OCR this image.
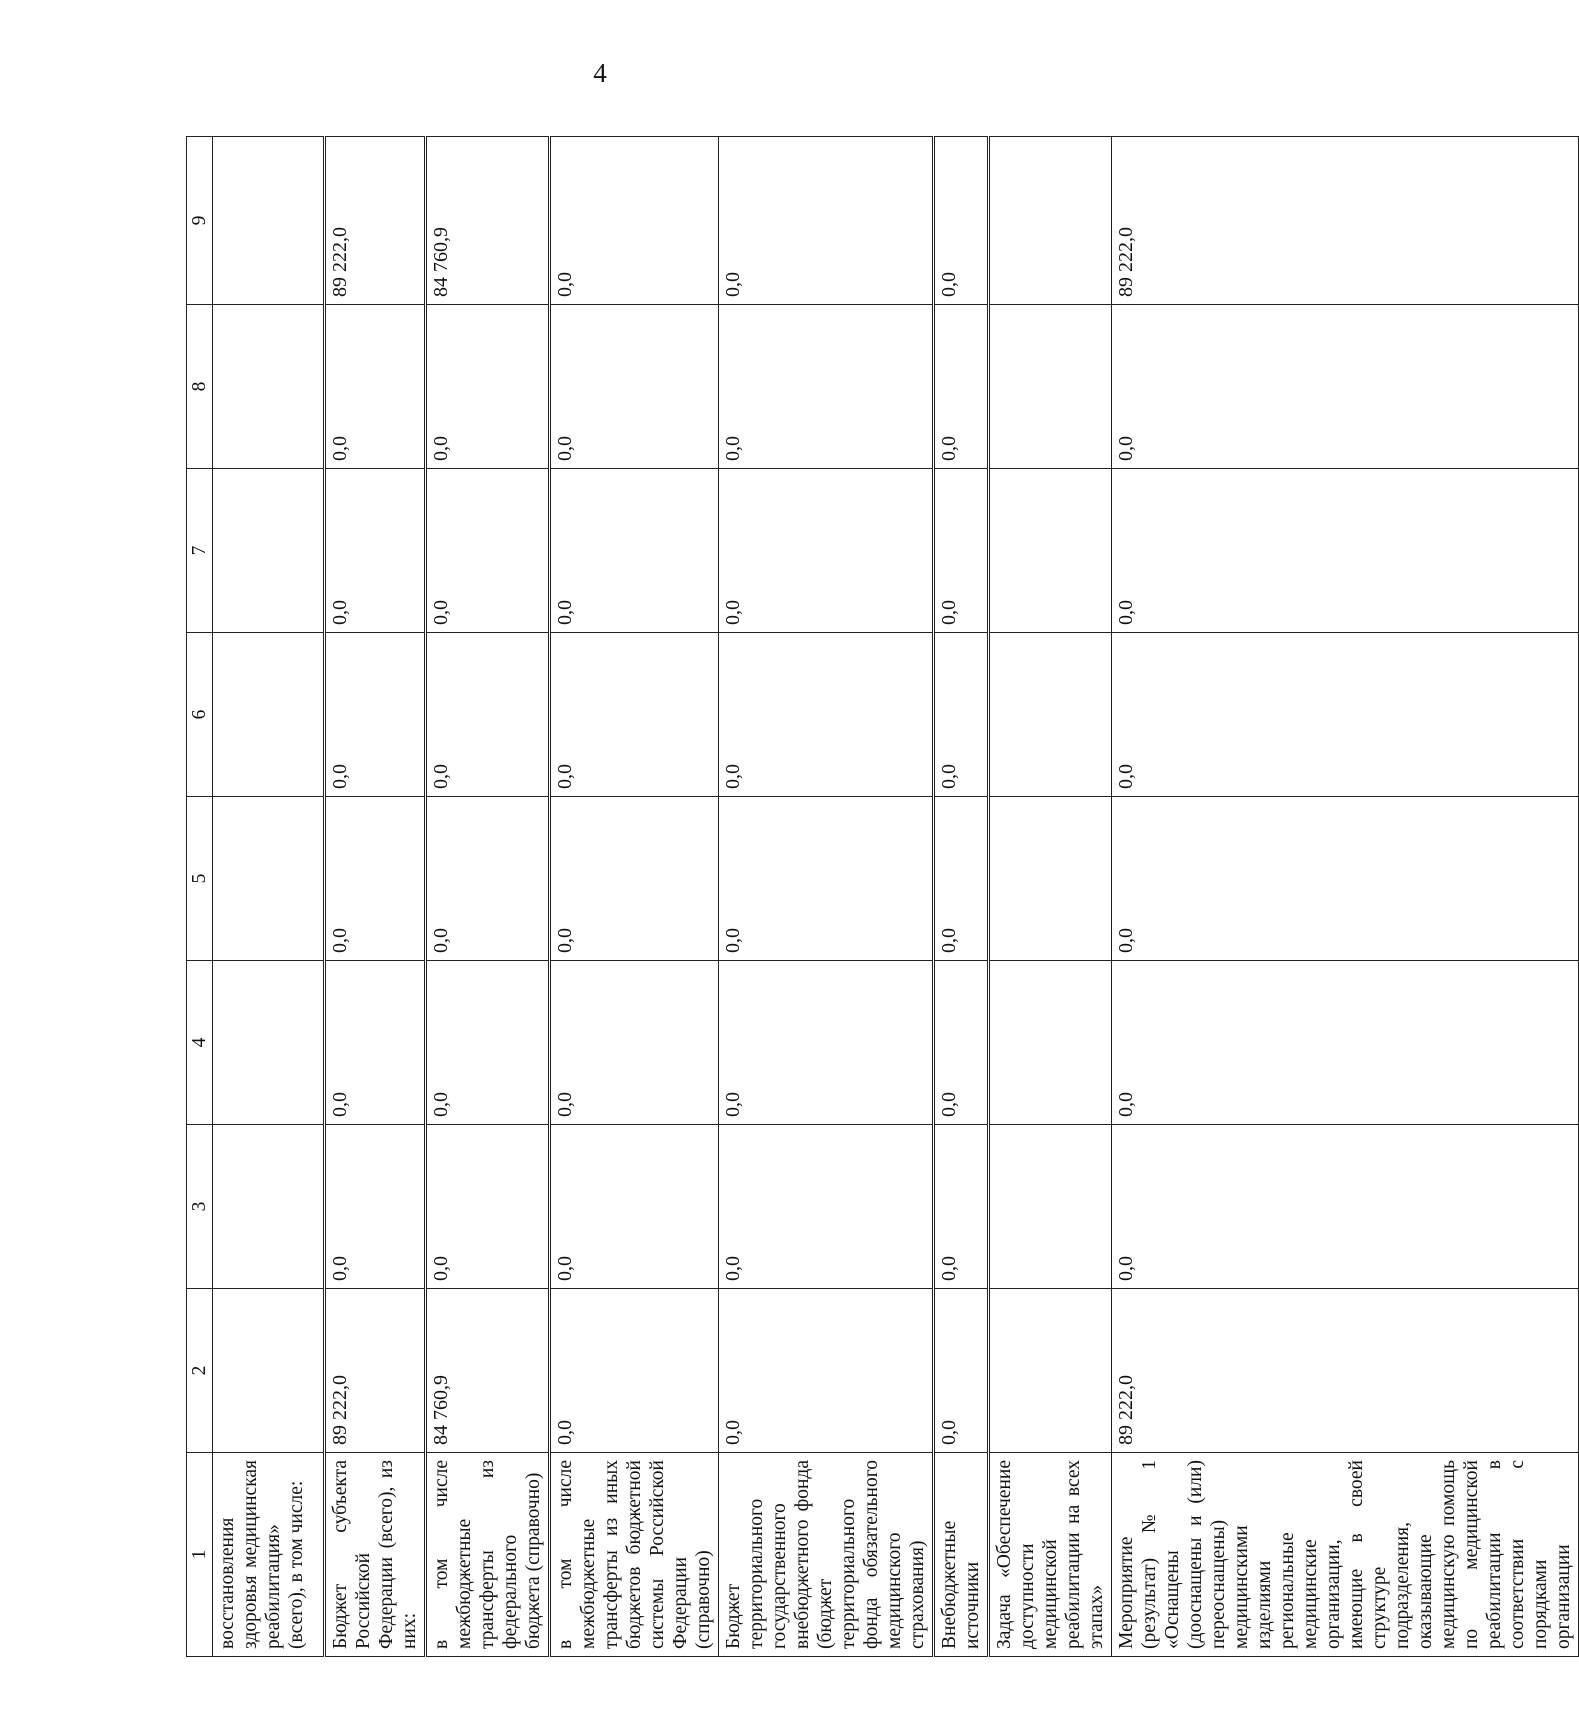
4
1	2	3	4	5	6	7	8	9
восстановления здоровья медицинская реабилитация» (всего), в том числе:								
Бюджет субъекта Российской Федерации (всего), из них:	89 222,0	0,0	0,0	0,0	0,0	0,0	0,0	89 222,0
в том числе межбюджетные трансферты из федерального бюджета (справочно)	84 760,9	0,0	0,0	0,0	0,0	0,0	0,0	84 760,9
в том числе межбюджетные трансферты из иных бюджетов бюджетной системы Российской Федерации (справочно)	0,0	0,0	0,0	0,0	0,0	0,0	0,0	0,0
Бюджет территориального государственного внебюджетного фонда (бюджет территориального фонда обязательного медицинского страхования)	0,0	0,0	0,0	0,0	0,0	0,0	0,0	0,0
Внебюджетные источники	0,0	0,0	0,0	0,0	0,0	0,0	0,0	0,0
Задача «Обеспечение доступности медицинской реабилитации на всех этапах»								
Мероприятие (результат) № 1 «Оснащены (дооснащены и (или) переоснащены) медицинскими изделиями региональные медицинские организации, имеющие в своей структуре подразделения, оказывающие медицинскую помощь по медицинской реабилитации в соответствии с порядками организации	89 222,0	0,0	0,0	0,0	0,0	0,0	0,0	89 222,0
